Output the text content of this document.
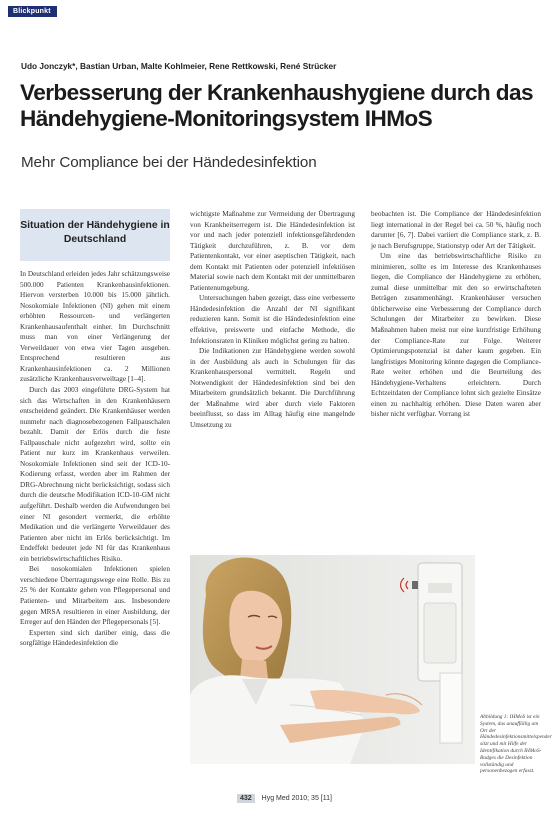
Blickpunkt
Udo Jonczyk*, Bastian Urban, Malte Kohlmeier, Rene Rettkowski, René Strücker
Verbesserung der Krankenhaushygiene durch das Händehygiene-Monitoringsystem IHMoS
Mehr Compliance bei der Händedesinfektion
Situation der Händehygiene in Deutschland

In Deutschland erleiden jedes Jahr schätzungsweise 500.000 Patienten Krankenhausinfektionen. Hiervon versterben 10.000 bis 15.000 jährlich. Nosokomiale Infektionen (NI) gehen mit einem erhöhten Ressourcen- und verlängerten Krankenhausaufenthalt einher. Im Durchschnitt muss man von einer Verlängerung der Verweildauer von etwa vier Tagen ausgehen. Entsprechend resultieren aus Krankenhausinfektionen ca. 2 Millionen zusätzliche Krankenhausverweiltage [1–4].

Durch das 2003 eingeführte DRG-System hat sich das Wirtschaften in den Krankenhäusern entscheidend geändert. Die Krankenhäuser werden nunmehr nach diagnosebezogenen Fallpauschalen bezahlt. Damit der Erlös durch die feste Fallpauschale nicht aufgezehrt wird, sollte ein Patient nur kurz im Krankenhaus verweilen. Nosokomiale Infektionen sind seit der ICD-10-Kodierung erfasst, werden aber im Rahmen der DRG-Abrechnung nicht berücksichtigt, sodass sich durch die deutsche Modifikation ICD-10-GM nicht aufgeführt. Deshalb werden die Aufwendungen bei einer NI gesondert vermerkt, die erhöhte Medikation und die verlängerte Verweildauer des Patienten aber nicht im Erlös berücksichtigt. Im Endeffekt bedeutet jede NI für das Krankenhaus ein betriebswirtschaftliches Risiko.

Bei nosokomialen Infektionen spielen verschiedene Übertragungswege eine Rolle. Bis zu 25 % der Kontakte gehen von Pflegepersonal und Patienten- und Mitarbeitern aus. Insbesondere gegen MRSA resultieren in einer Ausbildung, der Erreger auf den Händen der Pflegepersonals [5].

Experten sind sich darüber einig, dass die sorgfältige Händedesinfektion die

wichtigste Maßnahme zur Vermeidung der Übertragung von Krankheitserregern ist. Die Händedesinfektion ist vor und nach jeder potenziell infektionsgefährdenden Tätigkeit durchzuführen, z. B. vor dem Patientenkontakt, vor einer aseptischen Tätigkeit, nach dem Kontakt mit Patienten oder potenziell infektiösen Material sowie nach dem Kontakt mit der unmittelbaren Patientenumgebung.

Untersuchungen haben gezeigt, dass eine verbesserte Händedesinfektion die Anzahl der NI signifikant reduzieren kann. Somit ist die Händedesinfektion eine effektive, preiswerte und einfache Methode, die Infektionsraten in Kliniken möglichst gering zu halten.

Die Indikationen zur Händehygiene werden sowohl in der Ausbildung als auch in Schulungen für das Krankenhauspersonal vermittelt. Regeln und Notwendigkeit der Händedesinfektion sind bei den Mitarbeitern grundsätzlich bekannt. Die Durchführung der Maßnahme wird aber durch viele Faktoren beeinflusst, so dass im Alltag häufig eine mangelnde Umsetzung zu

beobachten ist. Die Compliance der Händedesinfektion liegt international in der Regel bei ca. 50 %, häufig noch darunter [6, 7]. Dabei variiert die Compliance stark, z. B. je nach Berufsgruppe, Stationstyp oder Art der Tätigkeit.

Um eine das betriebswirtschaftliche Risiko zu minimieren, sollte es im Interesse des Krankenhauses liegen, die Compliance der Händehygiene zu erhöhen, zumal diese unmittelbar mit den so erwirtschafteten Beträgen zusammenhängt. Krankenhäuser versuchen üblicherweise eine Verbesserung der Compliance durch Schulungen der Mitarbeiter zu bewirken. Diese Maßnahmen haben meist nur eine kurzfristige Erhöhung der Compliance-Rate zur Folge. Weiterer Optimierungspotenzial ist daher kaum gegeben. Ein langfristiges Monitoring könnte dagegen die Compliance-Rate weiter erhöhen und die Beurteilung des Händehygiene-Verhaltens erleichtern. Durch Echtzeitdaten der Compliance lohnt sich gezielte Einsätze einen zu nachhaltig erhöhen. Diese Daten waren aber bisher nicht verfügbar. Vorrang ist

Abbildung 1: IHMoS ist ein System, das unauffällig am Ort der Händedesinfektionsmittelspender sitzt und mit Hilfe der Identifikation durch IHMoS-Badges die Desinfektion vollständig und personenbezogen erfasst.
432 Hyg Med 2010; 35 [11]
